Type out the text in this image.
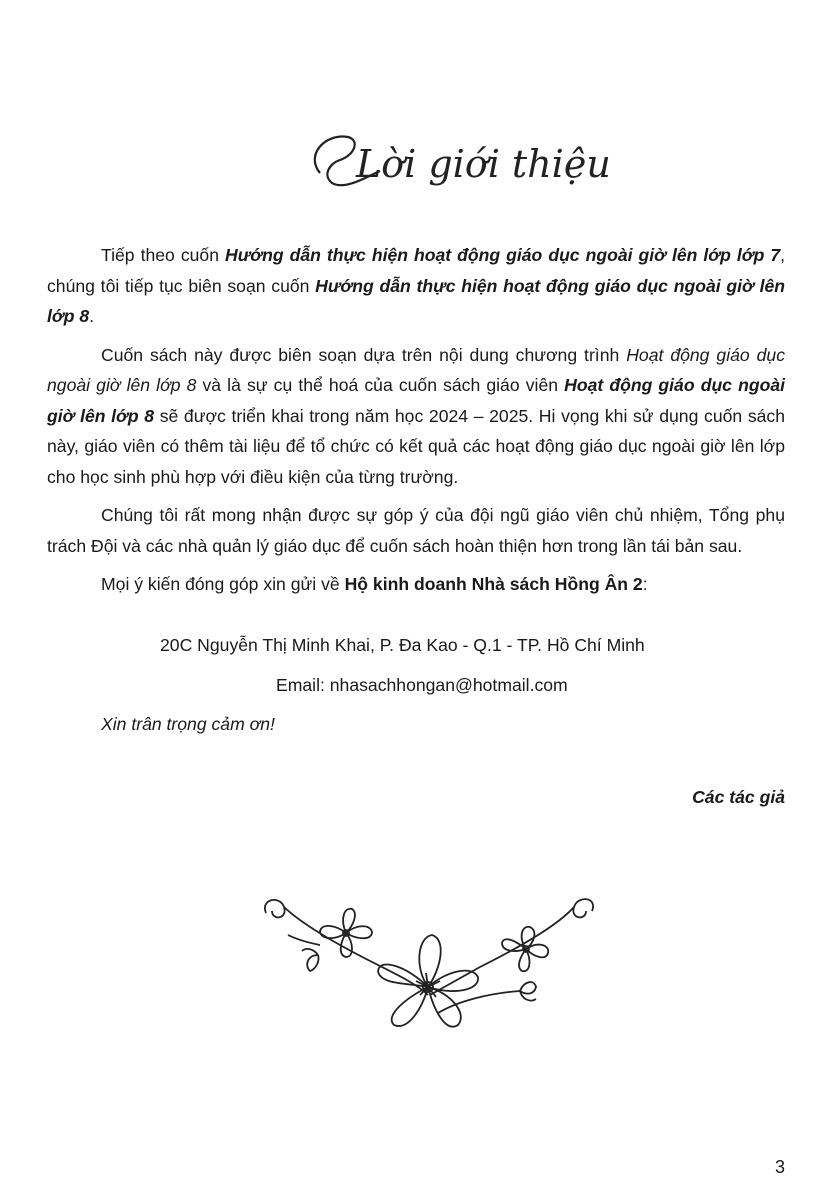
Lời giới thiệu

Tiếp theo cuốn Hướng dẫn thực hiện hoạt động giáo dục ngoài giờ lên lớp lớp 7, chúng tôi tiếp tục biên soạn cuốn Hướng dẫn thực hiện hoạt động giáo dục ngoài giờ lên lớp 8.

Cuốn sách này được biên soạn dựa trên nội dung chương trình Hoạt động giáo dục ngoài giờ lên lớp 8 và là sự cụ thể hoá của cuốn sách giáo viên Hoạt động giáo dục ngoài giờ lên lớp 8 sẽ được triển khai trong năm học 2024 – 2025. Hi vọng khi sử dụng cuốn sách này, giáo viên có thêm tài liệu để tổ chức có kết quả các hoạt động giáo dục ngoài giờ lên lớp cho học sinh phù hợp với điều kiện của từng trường.

Chúng tôi rất mong nhận được sự góp ý của đội ngũ giáo viên chủ nhiệm, Tổng phụ trách Đội và các nhà quản lý giáo dục để cuốn sách hoàn thiện hơn trong lần tái bản sau.

Mọi ý kiến đóng góp xin gửi về Hộ kinh doanh Nhà sách Hồng Ân 2:

20C Nguyễn Thị Minh Khai, P. Đa Kao - Q.1 - TP. Hồ Chí Minh
Email: nhasachhongan@hotmail.com
Xin trân trọng cảm ơn!
Các tác giả
3
